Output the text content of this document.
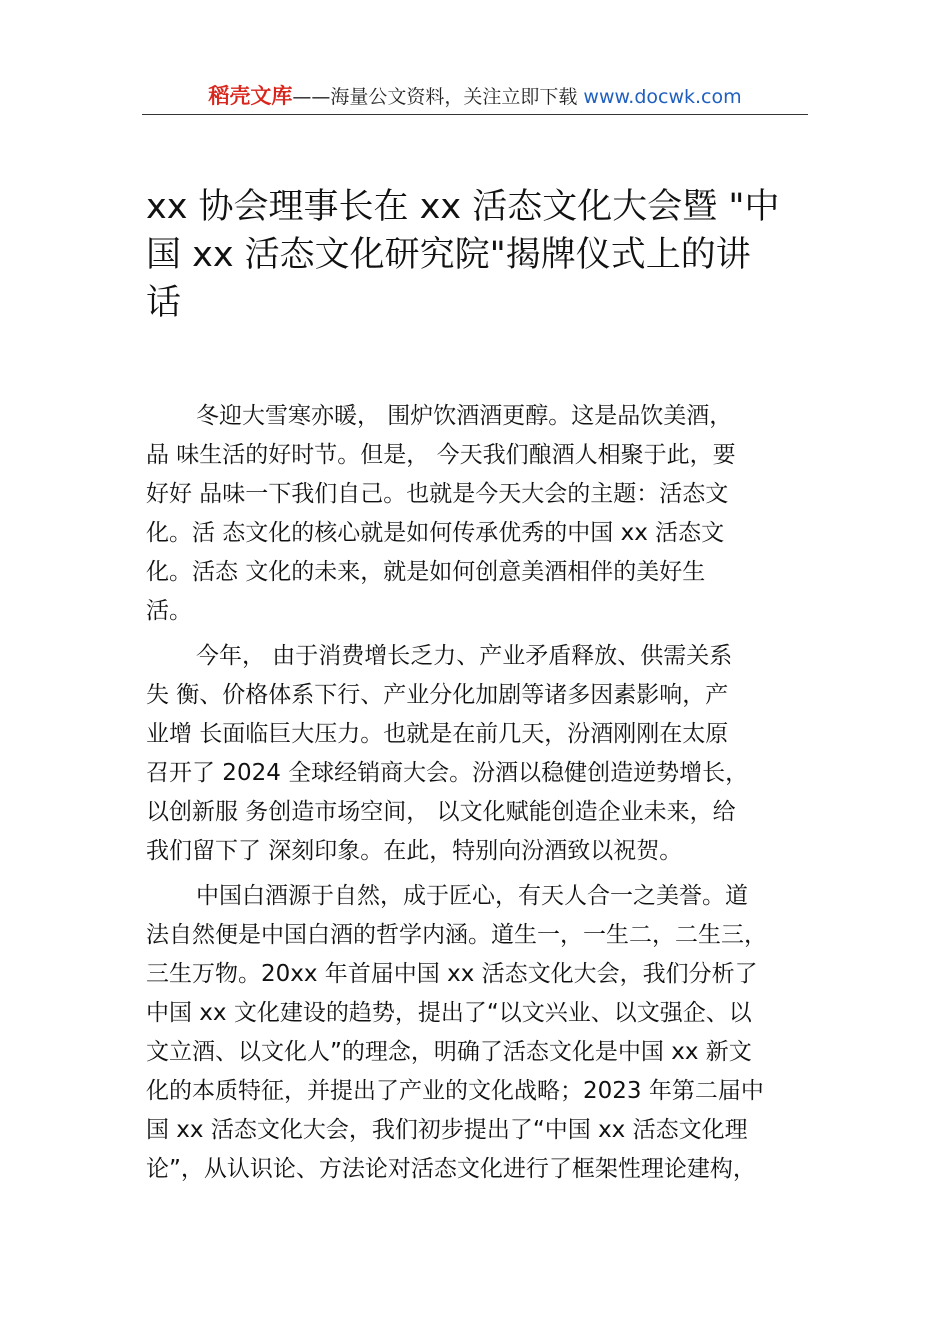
稻壳文库——海量公文资料，关注立即下载 www.docwk.com
xx 协会理事长在 xx 活态文化大会暨 "中
国 xx 活态文化研究院"揭牌仪式上的讲
话

冬迎大雪寒亦暖， 围炉饮酒酒更醇。这是品饮美酒，
品 味生活的好时节。但是， 今天我们酿酒人相聚于此，要
好好 品味一下我们自己。也就是今天大会的主题：活态文
化。活 态文化的核心就是如何传承优秀的中国 xx 活态文
化。活态 文化的未来，就是如何创意美酒相伴的美好生
活。

今年， 由于消费增长乏力、产业矛盾释放、供需关系
失 衡、价格体系下行、产业分化加剧等诸多因素影响，产
业增 长面临巨大压力。也就是在前几天，汾酒刚刚在太原
召开了 2024 全球经销商大会。汾酒以稳健创造逆势增长，
以创新服 务创造市场空间， 以文化赋能创造企业未来，给
我们留下了 深刻印象。在此，特别向汾酒致以祝贺。

中国白酒源于自然，成于匠心，有天人合一之美誉。道
法自然便是中国白酒的哲学内涵。道生一，一生二，二生三，
三生万物。20xx 年首届中国 xx 活态文化大会，我们分析了
中国 xx 文化建设的趋势，提出了“以文兴业、以文强企、以
文立酒、以文化人”的理念，明确了活态文化是中国 xx 新文
化的本质特征，并提出了产业的文化战略；2023 年第二届中
国 xx 活态文化大会，我们初步提出了“中国 xx 活态文化理
论”，从认识论、方法论对活态文化进行了框架性理论建构，
